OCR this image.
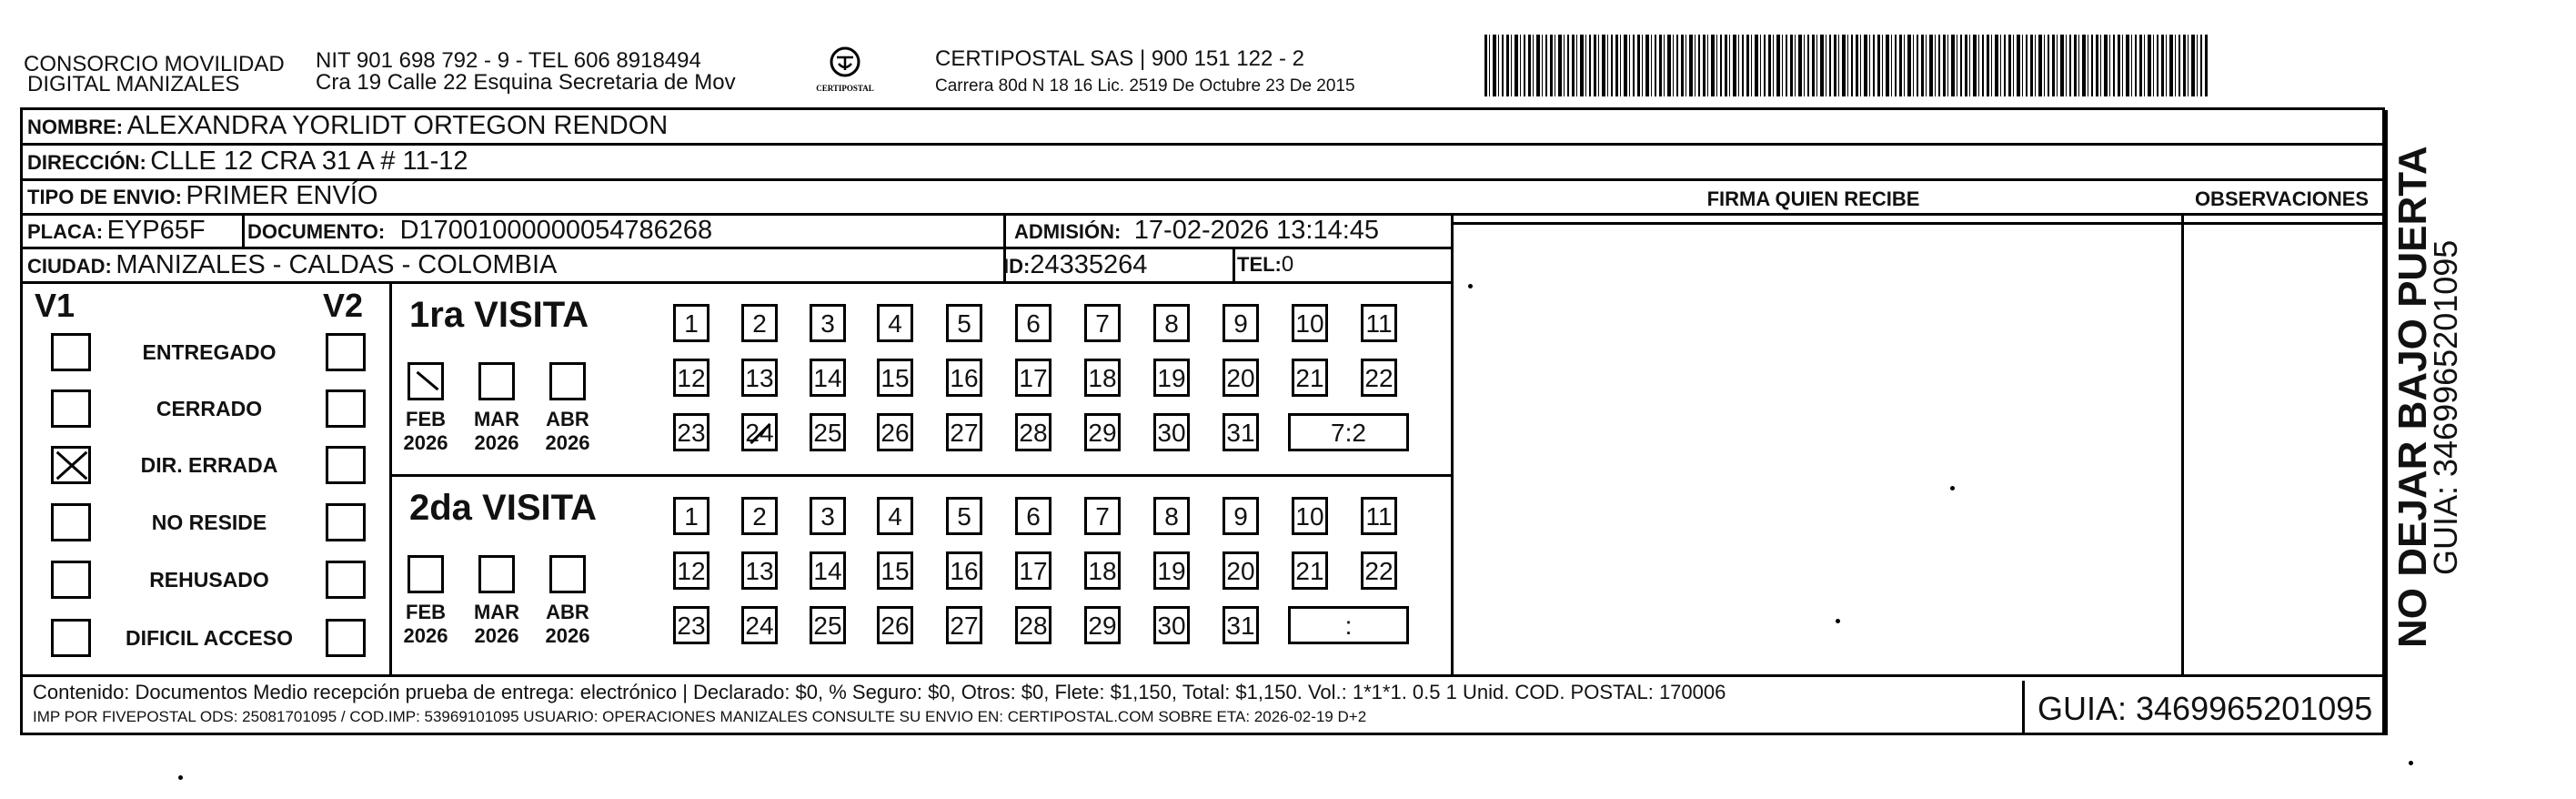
CONSORCIO MOVILIDAD
DIGITAL MANIZALES
NIT 901 698 792 - 9 - TEL 606 8918494
Cra 19 Calle 22 Esquina Secretaria de Mov	CERTIPOSTAL
CERTIPOSTAL SAS | 900 151 122 - 2
Carrera 80d N 18 16 Lic. 2519 De Octubre 23 De 2015
NOMBRE: ALEXANDRA YORLIDT ORTEGON RENDON
DIRECCIÓN: CLLE 12 CRA 31 A # 11-12
TIPO DE ENVIO: PRIMER ENVÍO
PLACA: EYP65F DOCUMENTO: D17001000000054786268	ADMISIÓN: 17-02-2026 13:14:45
CIUDAD: MANIZALES - CALDAS - COLOMBIA	ID:24335264	TEL:0
FIRMA QUIEN RECIBE	OBSERVACIONES
V1	V2
ENTREGADO
CERRADO
DIR. ERRADA
NO RESIDE
REHUSADO
DIFICIL ACCESO
1ra VISITA
FEB
2026
MAR
2026
ABR
2026
1	2	3	4	5	6	7	8	9	10 11
12 13 14 15 16 17 18 19 20 21 22
23 24 25 26 27 28 29 30 31	7:2
2da VISITA
FEB
2026
MAR
2026
ABR
2026
1	2	3	4	5	6	7	8	9	10 11
12 13 14 15 16 17 18 19 20 21 22
23 24 25 26 27 28 29 30 31	:	NO DEJAR BAJO PUERTA
GUIA: 3469965201095
Contenido: Documentos Medio recepción prueba de entrega: electrónico | Declarado: $0, % Seguro: $0, Otros: $0, Flete: $1,150, Total: $1,150. Vol.: 1*1*1. 0.5 1 Unid. COD. POSTAL: 170006
IMP POR FIVEPOSTAL ODS: 25081701095 / COD.IMP: 53969101095 USUARIO: OPERACIONES MANIZALES CONSULTE SU ENVIO EN: CERTIPOSTAL.COM SOBRE ETA: 2026-02-19 D+2	GUIA: 3469965201095
